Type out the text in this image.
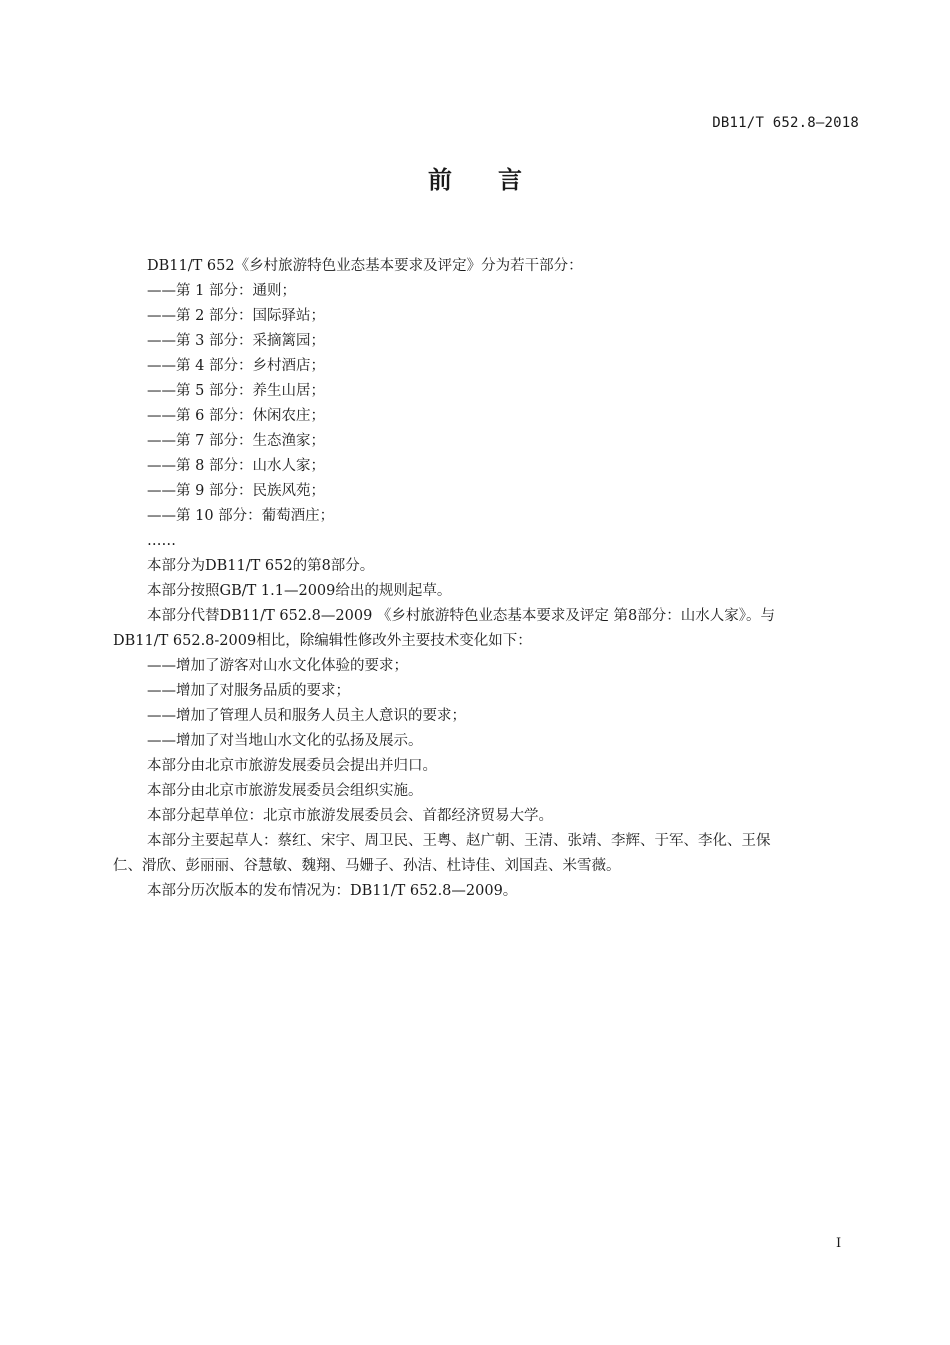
DB11/T 652.8—2018
前言
DB11/T 652《乡村旅游特色业态基本要求及评定》分为若干部分：
——第 1 部分：通则；
——第 2 部分：国际驿站；
——第 3 部分：采摘篱园；
——第 4 部分：乡村酒店；
——第 5 部分：养生山居；
——第 6 部分：休闲农庄；
——第 7 部分：生态渔家；
——第 8 部分：山水人家；
——第 9 部分：民族风苑；
——第 10 部分：葡萄酒庄；
……
本部分为DB11/T 652的第8部分。
本部分按照GB/T 1.1—2009给出的规则起草。
本部分代替DB11/T 652.8—2009 《乡村旅游特色业态基本要求及评定 第8部分：山水人家》。与
DB11/T 652.8-2009相比，除编辑性修改外主要技术变化如下：
——增加了游客对山水文化体验的要求；
——增加了对服务品质的要求；
——增加了管理人员和服务人员主人意识的要求；
——增加了对当地山水文化的弘扬及展示。
本部分由北京市旅游发展委员会提出并归口。
本部分由北京市旅游发展委员会组织实施。
本部分起草单位：北京市旅游发展委员会、首都经济贸易大学。
本部分主要起草人：蔡红、宋宇、周卫民、王粤、赵广朝、王清、张靖、李辉、于军、李化、王保
仁、滑欣、彭丽丽、谷慧敏、魏翔、马姗子、孙洁、杜诗佳、刘国垚、米雪薇。
本部分历次版本的发布情况为：DB11/T 652.8—2009。
I
